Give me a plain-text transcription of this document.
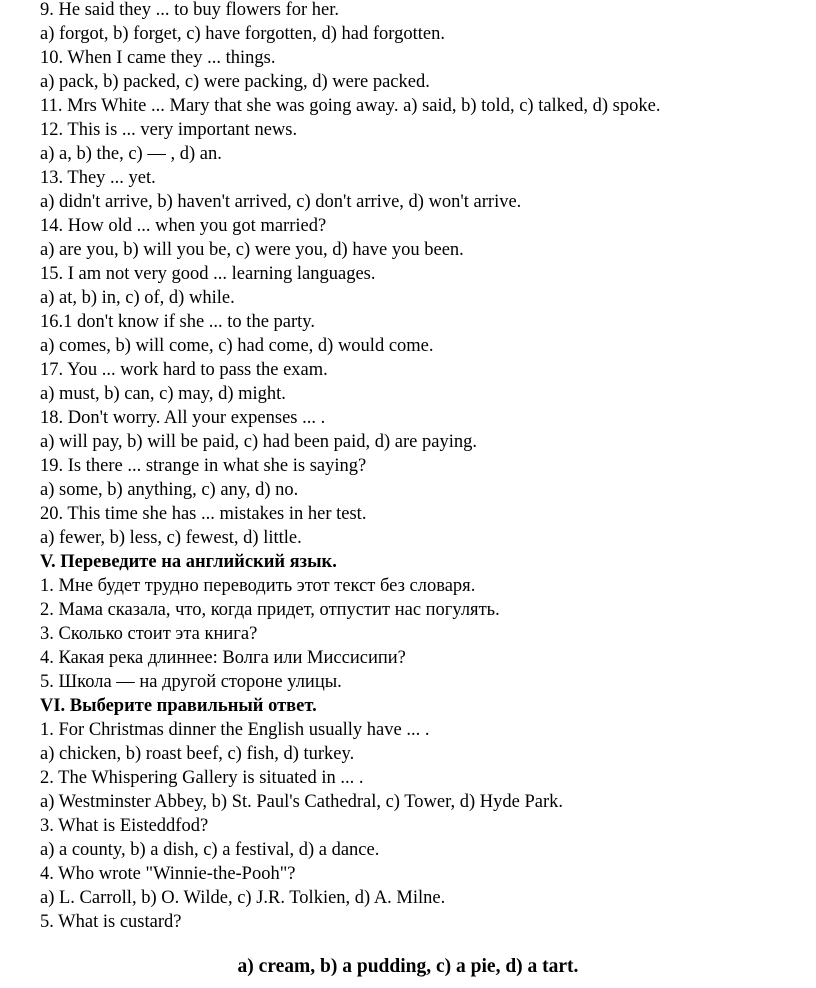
9. He said they ... to buy flowers for her.
a) forgot, b) forget, c) have forgotten, d) had forgotten.
10. When I came they ... things.
a) pack, b) packed, c) were packing, d) were packed.
11. Mrs White ... Mary that she was going away. a) said, b) told, c) talked, d) spoke.
12. This is ... very important news.
a) a, b) the, c) — , d) an.
13. They ... yet.
a) didn't arrive, b) haven't arrived, c) don't arrive, d) won't arrive.
14. How old ... when you got married?
a) are you, b) will you be, c) were you, d) have you been.
15. I am not very good ... learning languages.
a) at, b) in, c) of, d) while.
16.1 don't know if she ... to the party.
a) comes, b) will come, c) had come, d) would come.
17. You ... work hard to pass the exam.
a) must, b) can, c) may, d) might.
18. Don't worry. All your expenses ... .
a) will pay, b) will be paid, c) had been paid, d) are paying.
19. Is there ... strange in what she is saying?
a) some, b) anything, c) any, d) no.
20. This time she has ... mistakes in her test.
a) fewer, b) less, c) fewest, d) little.
V. Переведите на английский язык.
1. Мне будет трудно переводить этот текст без словаря.
2. Мама сказала, что, когда придет, отпустит нас погулять.
3. Сколько стоит эта книга?
4. Какая река длиннее: Волга или Миссисипи?
5. Школа — на другой стороне улицы.
VI. Выберите правильный ответ.
1. For Christmas dinner the English usually have ... .
a) chicken, b) roast beef, c) fish, d) turkey.
2. The Whispering Gallery is situated in ... .
a) Westminster Abbey, b) St. Paul's Cathedral, c) Tower, d) Hyde Park.
3. What is Eisteddfod?
a) a county, b) a dish, c) a festival, d) a dance.
4. Who wrote "Winnie-the-Pooh"?
a) L. Carroll, b) O. Wilde, c) J.R. Tolkien, d) A. Milne.
5. What is custard?
a) cream, b) a pudding, c) a pie, d) a tart.
